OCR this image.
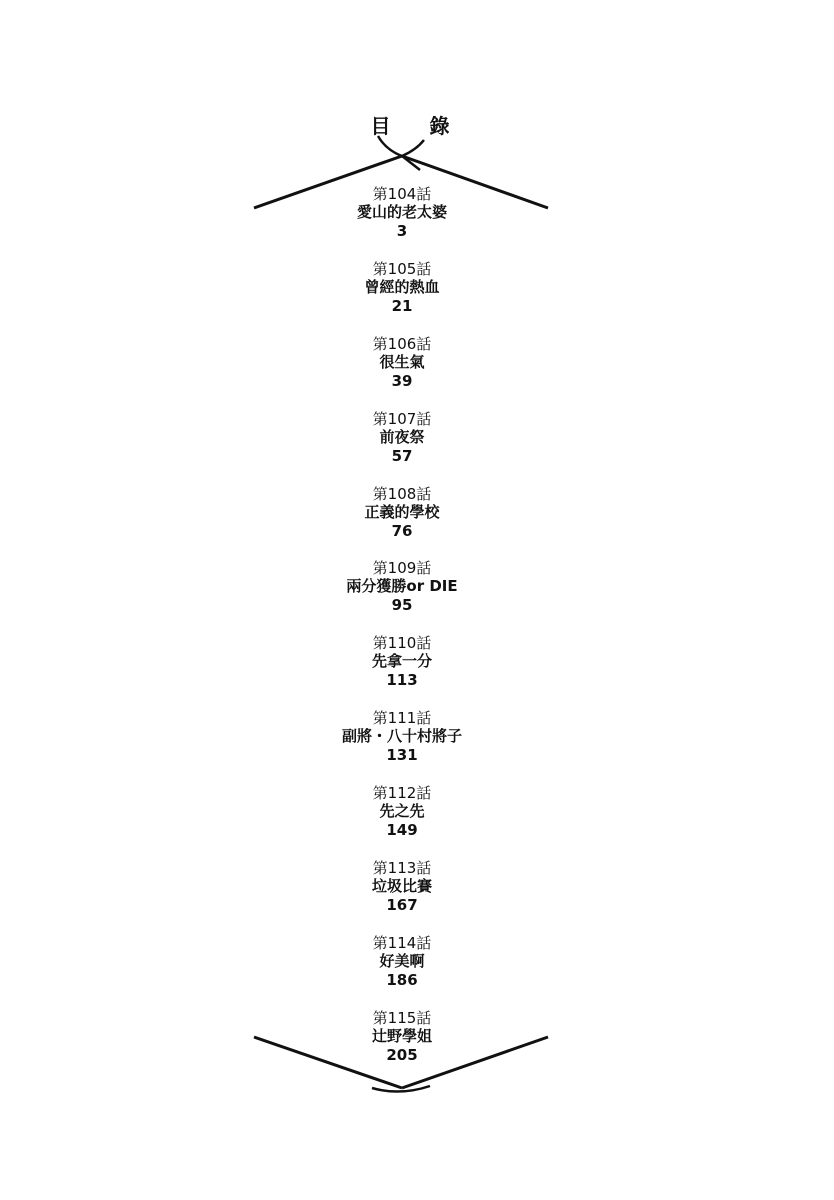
目 錄
第104話
愛山的老太婆
3
第105話
曾經的熱血
21
第106話
很生氣
39
第107話
前夜祭
57
第108話
正義的學校
76
第109話
兩分獲勝or DIE
95
第110話
先拿一分
113
第111話
副將・八十村將子
131
第112話
先之先
149
第113話
垃圾比賽
167
第114話
好美啊
186
第115話
辻野學姐
205
